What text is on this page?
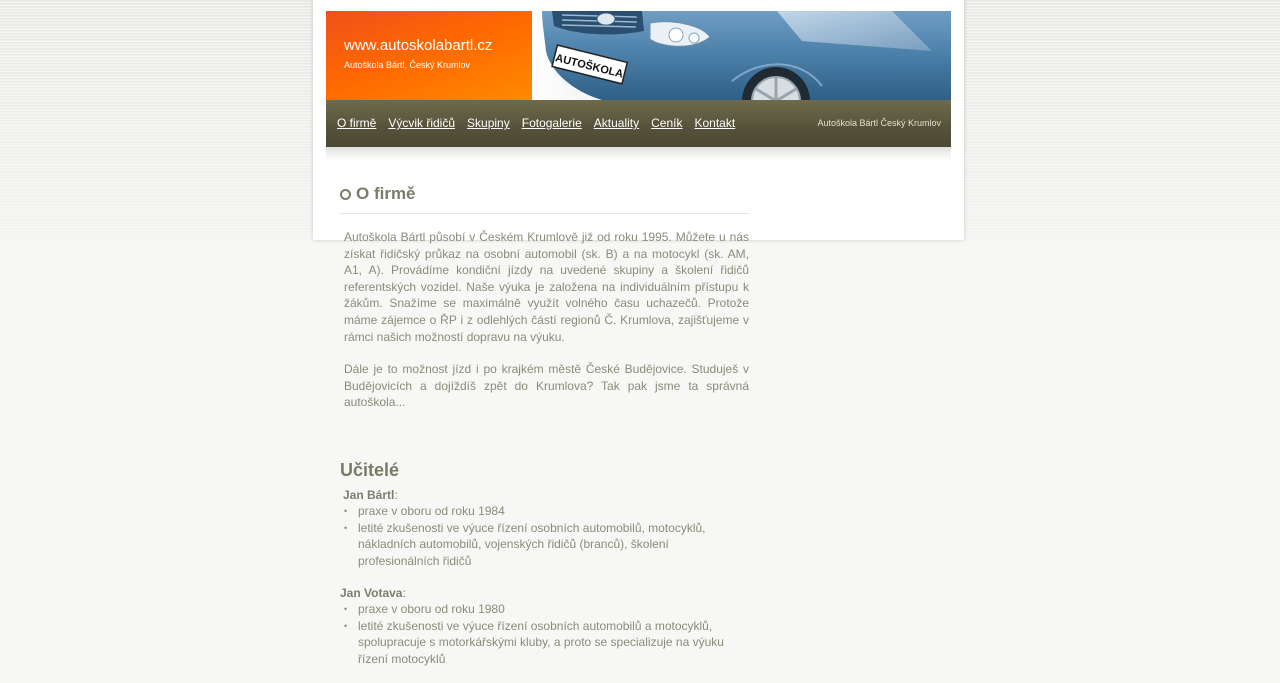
www.autoskolabartl.cz
Autoškola Bártl, Český Krumlov	AUTOŠKOLA
O firmě Výcvik řidičů Skupiny Fotogalerie Aktuality Ceník Kontakt	Autoškola Bártl Český Krumlov
O firmě

Autoškola Bártl působí v Českém Krumlově již od roku 1995. Můžete u nás získat řidičský průkaz na osobní automobil (sk. B) a na motocykl (sk. AM, A1, A). Provádíme kondiční jízdy na uvedené skupiny a školení řidičů referentských vozidel. Naše výuka je založena na individuálním přístupu k žákům. Snažíme se maximálně využít volného času uchazečů. Protože máme zájemce o ŘP i z odlehlých částí regionů Č. Krumlova, zajišťujeme v rámci našich možností dopravu na výuku.

Dále je to možnost jízd i po krajkém městě České Budějovice. Studuješ v Budějovicích a dojíždíš zpět do Krumlova? Tak pak jsme ta správná autoškola...

Učitelé
Jan Bártl:
• praxe v oboru od roku 1984
• letité zkušenosti ve výuce řízení osobních automobilů, motocyklů, nákladních automobilů, vojenských řidičů (branců), školení profesionálních řidičů
Jan Votava:
• praxe v oboru od roku 1980
• letité zkušenosti ve výuce řízení osobních automobilů a motocyklů, spolupracuje s motorkářskými kluby, a proto se specializuje na výuku řízení motocyklů
